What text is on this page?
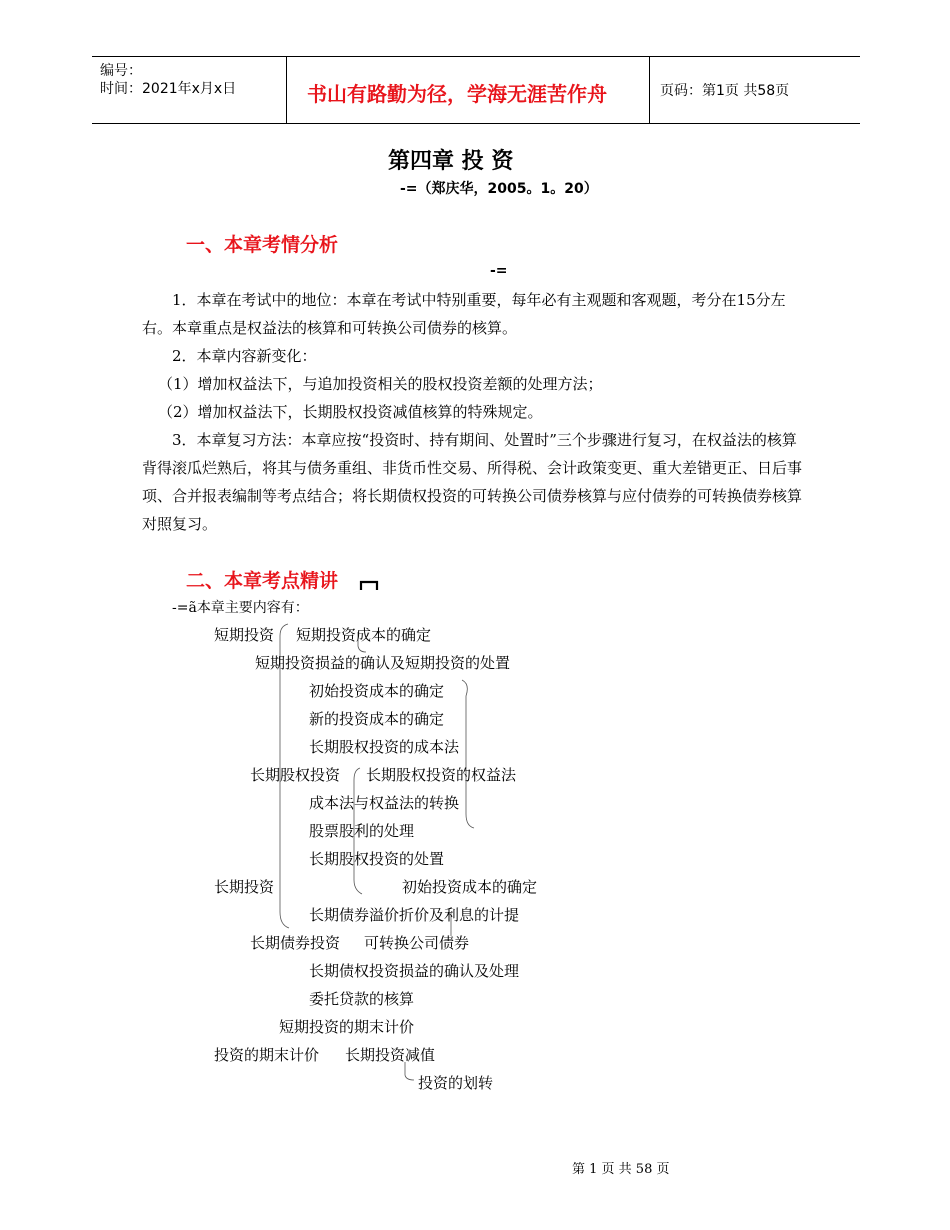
编号：
时间：2021年x月x日	书山有路勤为径，学海无涯苦作舟	页码：第1页 共58页
第四章 投 资
-=（郑庆华，2005。1。20）
一、本章考情分析
-=

1．本章在考试中的地位：本章在考试中特别重要，每年必有主观题和客观题，考分在15分左右。本章重点是权益法的核算和可转换公司债券的核算。

2．本章内容新变化：

（1）增加权益法下，与追加投资相关的股权投资差额的处理方法；

（2）增加权益法下，长期股权投资减值核算的特殊规定。

3．本章复习方法：本章应按“投资时、持有期间、处置时”三个步骤进行复习，在权益法的核算背得滚瓜烂熟后，将其与债务重组、非货币性交易、所得税、会计政策变更、重大差错更正、日后事项、合并报表编制等考点结合；将长期债权投资的可转换公司债券核算与应付债券的可转换债券核算对照复习。

二、本章考点精讲
-=ã本章主要内容有：
短期投资 短期投资成本的确定
短期投资损益的确认及短期投资的处置
初始投资成本的确定
新的投资成本的确定
长期股权投资的成本法
长期股权投资 长期股权投资的权益法
成本法与权益法的转换
股票股利的处理
长期股权投资的处置
长期投资	初始投资成本的确定
长期债券溢价折价及利息的计提
长期债券投资 可转换公司债券
长期债权投资损益的确认及处理
委托贷款的核算
短期投资的期末计价
投资的期末计价 长期投资减值
投资的划转
第 1 页 共 58 页
